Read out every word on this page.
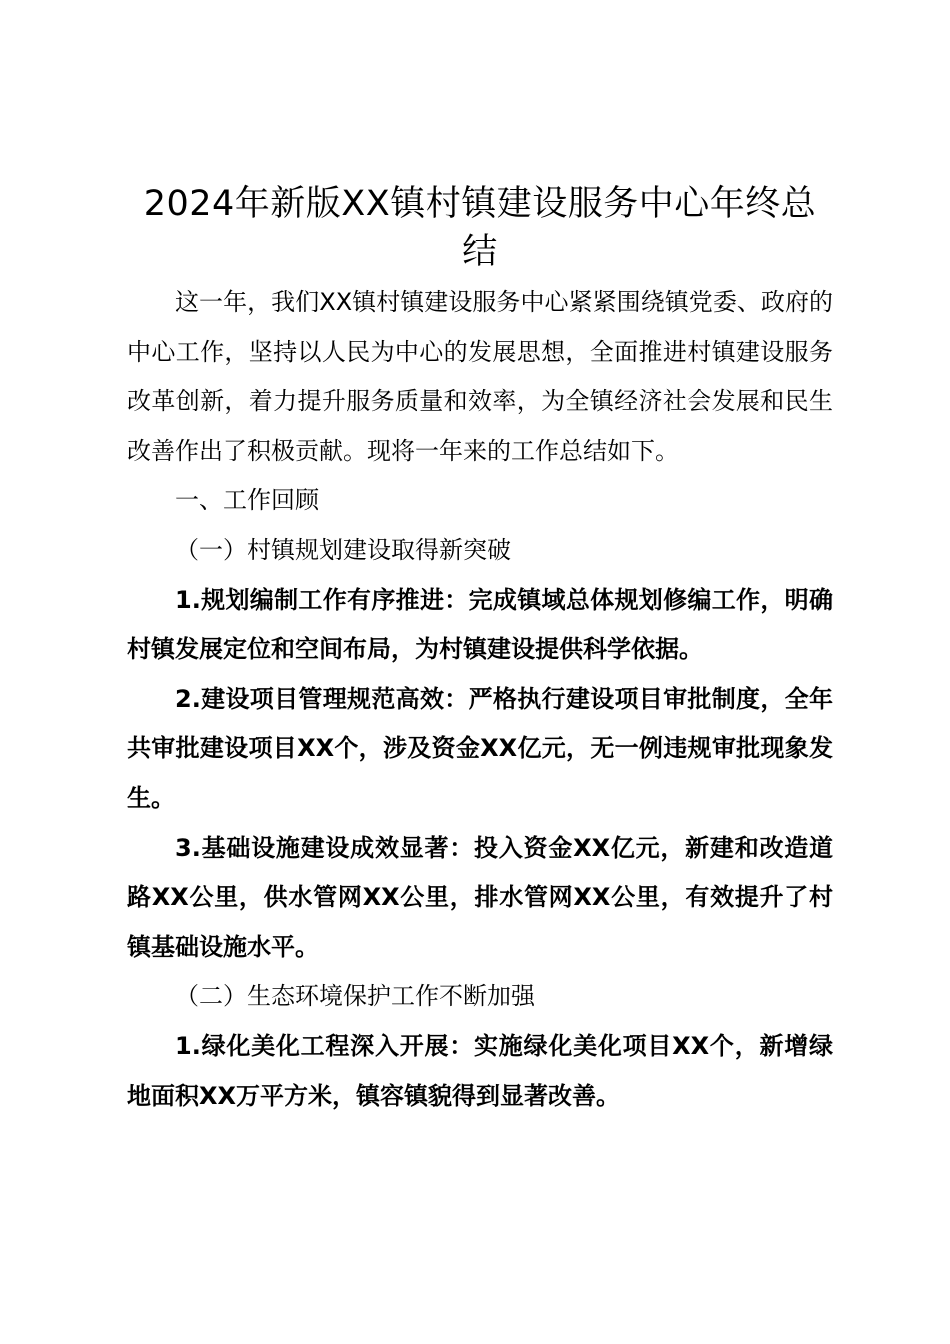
2024年新版XX镇村镇建设服务中心年终总结

这一年，我们XX镇村镇建设服务中心紧紧围绕镇党委、政府的中心工作，坚持以人民为中心的发展思想，全面推进村镇建设服务改革创新，着力提升服务质量和效率，为全镇经济社会发展和民生改善作出了积极贡献。现将一年来的工作总结如下。

一、工作回顾

（一）村镇规划建设取得新突破

1.规划编制工作有序推进：完成镇域总体规划修编工作，明确村镇发展定位和空间布局，为村镇建设提供科学依据。

2.建设项目管理规范高效：严格执行建设项目审批制度，全年共审批建设项目XX个，涉及资金XX亿元，无一例违规审批现象发生。

3.基础设施建设成效显著：投入资金XX亿元，新建和改造道路XX公里，供水管网XX公里，排水管网XX公里，有效提升了村镇基础设施水平。

（二）生态环境保护工作不断加强

1.绿化美化工程深入开展：实施绿化美化项目XX个，新增绿地面积XX万平方米，镇容镇貌得到显著改善。
